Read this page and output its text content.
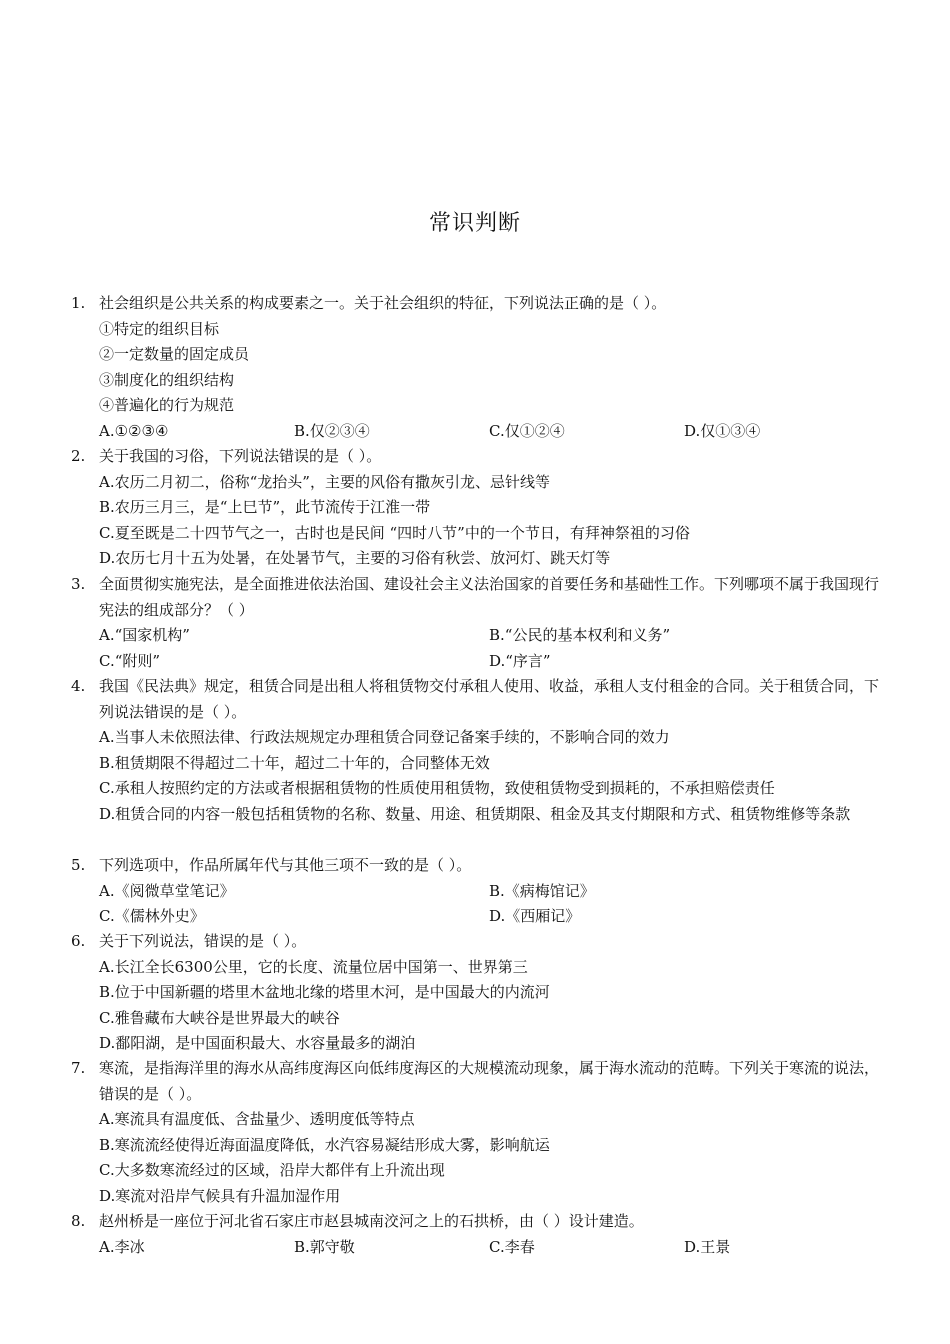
常识判断
1. 社会组织是公共关系的构成要素之一。关于社会组织的特征，下列说法正确的是（ ）。
①特定的组织目标
②一定数量的固定成员
③制度化的组织结构
④普遍化的行为规范
A.①②③④	B.仅②③④	C.仅①②④	D.仅①③④
2. 关于我国的习俗，下列说法错误的是（ ）。
A.农历二月初二，俗称“龙抬头”，主要的风俗有撒灰引龙、忌针线等
B.农历三月三，是“上巳节”，此节流传于江淮一带
C.夏至既是二十四节气之一，古时也是民间 “四时八节”中的一个节日，有拜神祭祖的习俗
D.农历七月十五为处暑，在处暑节气，主要的习俗有秋尝、放河灯、跳天灯等
3. 全面贯彻实施宪法，是全面推进依法治国、建设社会主义法治国家的首要任务和基础性工作。下列哪项不属于我国现行宪法的组成部分？（ ）
A.“国家机构”	B.“公民的基本权利和义务”
C.“附则”	D.“序言”
4. 我国《民法典》规定，租赁合同是出租人将租赁物交付承租人使用、收益，承租人支付租金的合同。关于租赁合同，下列说法错误的是（ ）。
A.当事人未依照法律、行政法规规定办理租赁合同登记备案手续的，不影响合同的效力
B.租赁期限不得超过二十年，超过二十年的，合同整体无效
C.承租人按照约定的方法或者根据租赁物的性质使用租赁物，致使租赁物受到损耗的，不承担赔偿责任
D.租赁合同的内容一般包括租赁物的名称、数量、用途、租赁期限、租金及其支付期限和方式、租赁物维修等条款
5. 下列选项中，作品所属年代与其他三项不一致的是（ ）。
A.《阅微草堂笔记》	B.《病梅馆记》
C.《儒林外史》	D.《西厢记》
6. 关于下列说法，错误的是（ ）。
A.长江全长6300公里，它的长度、流量位居中国第一、世界第三
B.位于中国新疆的塔里木盆地北缘的塔里木河，是中国最大的内流河
C.雅鲁藏布大峡谷是世界最大的峡谷
D.鄱阳湖，是中国面积最大、水容量最多的湖泊
7. 寒流，是指海洋里的海水从高纬度海区向低纬度海区的大规模流动现象，属于海水流动的范畴。下列关于寒流的说法，错误的是（ ）。
A.寒流具有温度低、含盐量少、透明度低等特点
B.寒流流经使得近海面温度降低，水汽容易凝结形成大雾，影响航运
C.大多数寒流经过的区域，沿岸大都伴有上升流出现
D.寒流对沿岸气候具有升温加湿作用
8. 赵州桥是一座位于河北省石家庄市赵县城南洨河之上的石拱桥，由（ ）设计建造。
A.李冰	B.郭守敬	C.李春	D.王景
